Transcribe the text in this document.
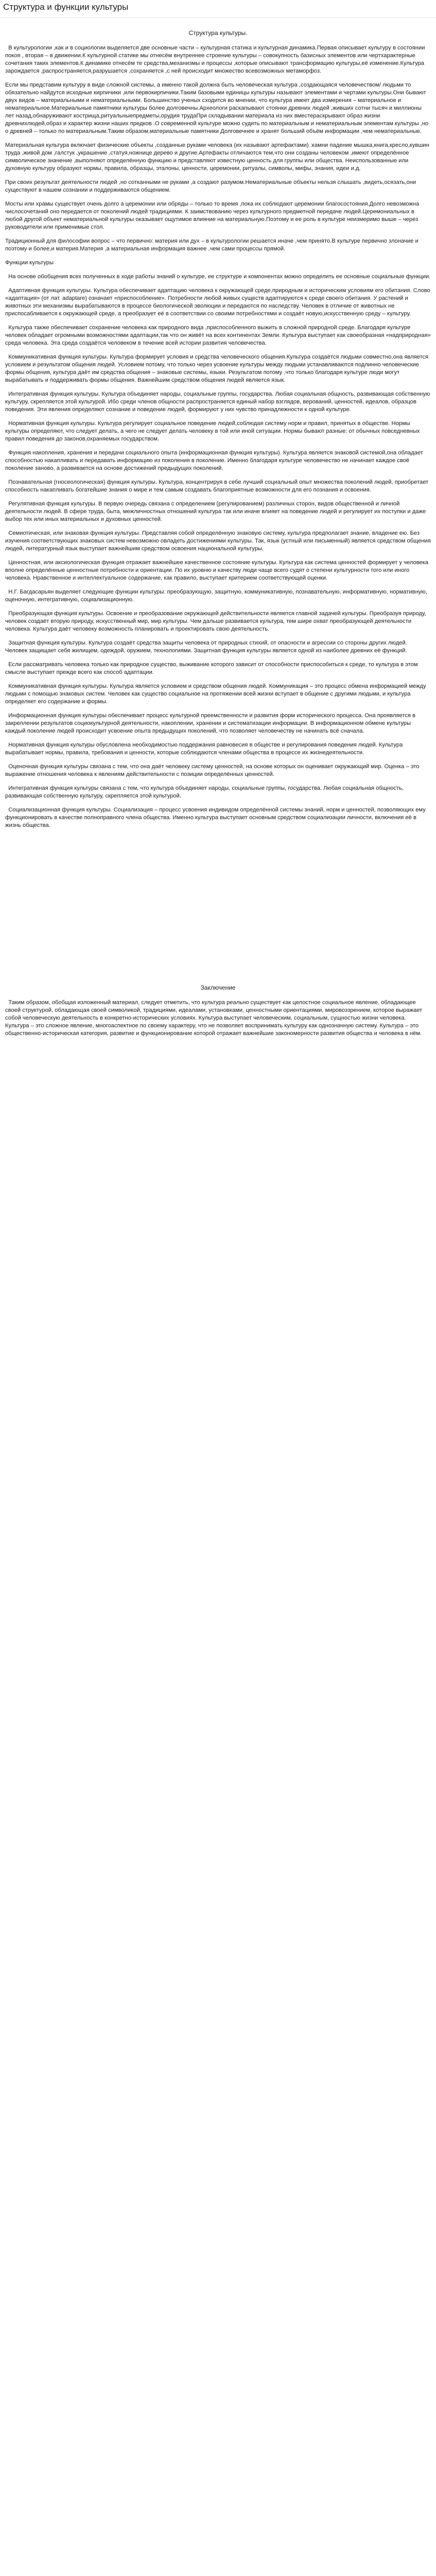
Структура и функции культуры
Структура культуры.

В культурологии ,как и в социологии выделяется две основные части – культурная статика и культурная динамика.Первая описывает культуру в состоянии покоя , вторая – в движении.К культурной статике мы отнесём внутреннее строение культуры – совокупность базисных элементов или чертхарактерные сочетания таких элементов.К динамике отнесём те средства,механизмы и процессы ,которые описывают трансформацию культуры,её изменение.Культура зарождается ,распространяется,разрушается ,сохраняется ,с ней происходит множество всевозможных метаморфоз.

Если мы представим культуру в виде сложной системы, а именно такой должна быть человеческая культура ,создающаяся человечеством/ людьми то обязательно найдутся исходные кирпичики ,или первокирпичики.Таким базовыми единицы культуры называют элементами и чертами культуры.Они бывают двух видов – материальными и нематериальными. Большинство ученых сходится во мнении, что культура имеет два измерения – материальное и нематериальное.Материальные памятники культуры более долговечны.Археологи раскапывают стоянки древних людей ,живших сотни тысяч и миллионы лет назад,обнаруживают кострища,ритуальныепредметы,орудия трудаПри складывании материала из них вместераскрывают образ жизни древнихлюдей,образ и характер жизни наших предков .О современной культуре можно судить по материальным и нематериальным элементам культуры ,но о древней – только по материальным.Таким образом,материальные памятники Долговечнее и хранят больший объём информации ,чем нематериальные.

Материальная культура включает физические объекты ,созданные руками человека (их называют артефактами) :камни падение мышка,книга,кресло,кувшин труда ,живой дом ,галстук ,украшение ,статуя,ножнице дерево и другие.Артефакты отличаются тем,что они созданы человеком ,имеют определённое символическое значение ,выполняют определённую функцию и представляют известную ценность для группы или общества. Неиспользованные или духовную культуру образуют нормы, правила, образцы, эталоны, ценности, церемонии, ритуалы, символы, мифы, знания, идеи и.д.

При своих результат деятельности людей ,но сотканными не руками ,а создают разумом.Нематериальные объекты нельзя слышать ,видеть,осязать,они существуют в нашем сознании и поддерживаются общением.

Мосты или храмы существует очень долго а церемонии или обряды – только то время ,пока их соблюдают церемонии благосостояния.Долго невозможна числосочетаний оно передается от поколений людей традициями. К заимствованию через культурного предметной передаче людей.Церемониальных в любой другой объект нематериальной культуры оказывает ощутимое влияние на материальную.Поэтому и ее роль в культуре неизмеримо выше – через руководители или применимые стол.

Традиционный для философии вопрос – что первично: материя или дух – в культурологии решается иначе ,чем принято.В культуре первично злоначие и поэтому и более,и материя.Материя ,а материальная информация важнее ,чем сами процессы прямой.

Функции культуры

На основе обобщения всех полученных в ходе работы знаний о культуре, ее структуре и компонентах можно определить ее основные социальные функции.

Адаптивная функция культуры. Культура обеспечивает адаптацию человека к окружающей среде,природным и историческим условиям его обитания. Слово «адаптация» (от лат. adaptare) означает «приспособление». Потребности любой живых существ адаптируются к среде своего обитания. У растений и животных эти механизмы вырабатываются в процессе биологической эволюции и передаются по наследству. Человек в отличие от животных не приспосабливается к окружающей среде, а преобразует её в соответствии со своими потребностями и создаёт новую,искусственную среду – культуру.

Культура также обеспечивает сохранение человека как природного вида ,приспособленного выжить в сложной природной среде. Благодаря культуре человек обладает огромными возможностями адаптации,так что он живёт на всех континентах Земли. Культура выступает как своеобразная «надприродная» среда человека. Эта среда создаётся человеком в течение всей истории развития человечества.

Коммуникативная функция культуры. Культура формирует условия и средства человеческого общения.Культура создаётся людьми совместно,она является условием и результатом общения людей. Условием потому, что только через усвоение культуры между людьми устанавливаются подлинно человеческие формы общения, культура даёт им средства общения – знаковые системы, языки. Результатом потому ,что только благодаря культуре люди могут вырабатывать и поддерживать формы общения. Важнейшим средством общения людей является язык.

Интегративная функция культуры. Культура объединяет народы, социальные группы, государства. Любая социальная общность, развивающая собственную культуру, скрепляется этой культурой. Ибо среди членов общности распространяется единый набор взглядов, верований, ценностей, идеалов, образцов поведения. Эти явления определяют сознание и поведение людей, формируют у них чувство принадлежности к одной культуре.

Нормативная функция культуры. Культура регулирует социальное поведение людей,соблюдая систему норм и правил, принятых в обществе. Нормы культуры определяют, что следует делать, а чего не следует делать человеку в той или иной ситуации. Нормы бывают разные: от обычных повседневных правил поведения до законов,охраняемых государством.

Функция накопления, хранения и передачи социального опыта (информационная функция культуры). Культура является знаковой системой,она обладает способностью накапливать и передавать информацию из поколения в поколение. Именно благодаря культуре человечество не начинает каждое своё поколение заново, а развивается на основе достижений предыдущих поколений.

Познавательная (гносеологическая) функция культуры. Культура, концентрируя в себе лучший социальный опыт множества поколений людей, приобретает способность накапливать богатейшие знания о мире и тем самым создавать благоприятные возможности для его познания и освоения.

Регулятивная функция культуры. В первую очередь связана с определением (регулированием) различных сторон, видов общественной и личной деятельности людей. В сфере труда, быта, межличностных отношений культура так или иначе влияет на поведение людей и регулирует их поступки и даже выбор тех или иных материальных и духовных ценностей.

Семиотическая, или знаковая функция культуры. Представляя собой определённую знаковую систему, культура предполагает знание, владение ею. Без изучения соответствующих знаковых систем невозможно овладеть достижениями культуры. Так, язык (устный или письменный) является средством общения людей, литературный язык выступает важнейшим средством освоения национальной культуры.

Ценностная, или аксиологическая функция отражает важнейшее качественное состояние культуры. Культура как система ценностей формирует у человека вполне определённые ценностные потребности и ориентации. По их уровню и качеству люди чаще всего судят о степени культурности того или иного человека. Нравственное и интеллектуальное содержание, как правило, выступает критерием соответствующей оценки.

Н.Г. Багдасарьян выделяет следующие функции культуры: преобразующую, защитную, коммуникативную, познавательную, информативную, нормативную, оценочную, интегративную, социализационную.

Преобразующая функция культуры. Освоение и преобразование окружающей действительности является главной задачей культуры. Преобразуя природу, человек создаёт вторую природу, искусственный мир, мир культуры. Чем дальше развивается культура, тем шире охват преобразующей деятельности человека. Культура даёт человеку возможность планировать и проектировать свою деятельность.

Защитная функция культуры. Культура создаёт средства защиты человека от природных стихий, от опасности и агрессии со стороны других людей. Человек защищает себя жилищем, одеждой, оружием, технологиями. Защитная функция культуры является одной из наиболее древних её функций.

Если рассматривать человека только как природное существо, выживание которого зависит от способности приспособиться к среде, то культура в этом смысле выступает прежде всего как способ адаптации.

Коммуникативная функция культуры. Культура является условием и средством общения людей. Коммуникация – это процесс обмена информацией между людьми с помощью знаковых систем. Человек как существо социальное на протяжении всей жизни вступает в общение с другими людьми, и культура определяет его содержание и формы.

Информационная функция культуры обеспечивает процесс культурной преемственности и развития форм исторического процесса. Она проявляется в закреплении результатов социокультурной деятельности, накоплении, хранении и систематизации информации. В информационном обмене культуры каждый поколение людей происходит усвоение опыта предыдущих поколений, что позволяет человечеству не начинать всё сначала.

Нормативная функция культуры обусловлена необходимостью поддержания равновесия в обществе и регулирования поведения людей. Культура вырабатывает нормы, правила, требования и ценности, которые соблюдаются членами общества в процессе их жизнедеятельности.

Оценочная функция культуры связана с тем, что она даёт человеку систему ценностей, на основе которых он оценивает окружающий мир. Оценка – это выражение отношения человека к явлениям действительности с позиции определённых ценностей.

Интегративная функция культуры связана с тем, что культура объединяет народы, социальные группы, государства. Любая социальная общность, развивающая собственную культуру, скрепляется этой культурой.

Социализационная функция культуры. Социализация – процесс усвоения индивидом определённой системы знаний, норм и ценностей, позволяющих ему функционировать в качестве полноправного члена общества. Именно культура выступает основным средством социализации личности, включения её в жизнь общества.

Заключение

Таким образом, обобщая изложенный материал, следует отметить, что культура реально существует как целостное социальное явление, обладающее своей структурой, обладающая своей символикой, традициями, идеалами, установками, ценностными ориентациями, мировоззрением, которое выражает собой человеческую деятельность в конкретно-исторических условиях. Культура выступает человеческим, социальным, сущностью жизни человека. Культура – это сложное явление, многоаспектное по своему характеру, что не позволяет воспринимать культуру как однозначную систему. Культура – это общественно-историческая категория, развитие и функционирование которой отражает важнейшие закономерности развития общества и человека в нём.
